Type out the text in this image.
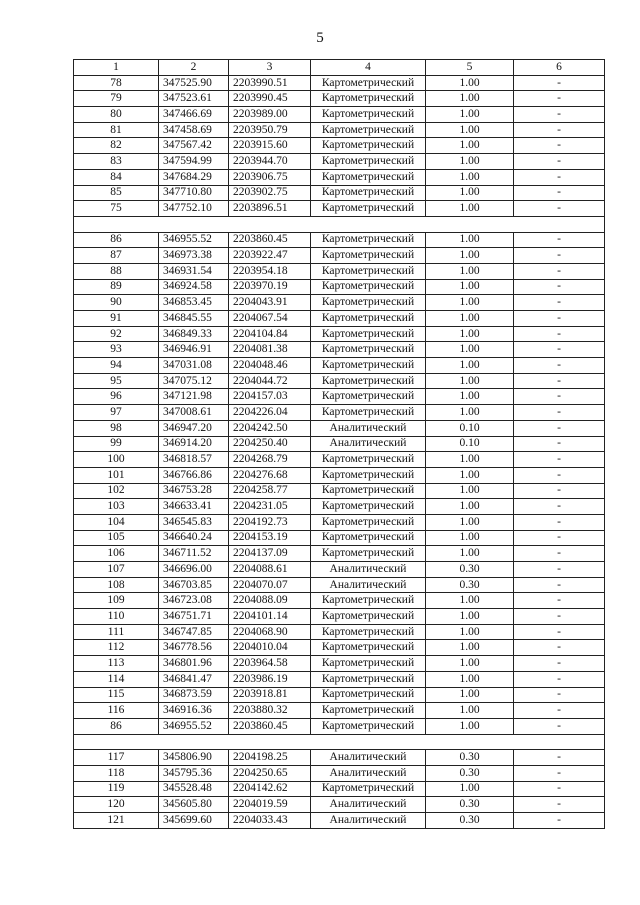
5
1	2	3	4	5	6
78	347525.90	2203990.51	Картометрический	1.00	-
79	347523.61	2203990.45	Картометрический	1.00	-
80	347466.69	2203989.00	Картометрический	1.00	-
81	347458.69	2203950.79	Картометрический	1.00	-
82	347567.42	2203915.60	Картометрический	1.00	-
83	347594.99	2203944.70	Картометрический	1.00	-
84	347684.29	2203906.75	Картометрический	1.00	-
85	347710.80	2203902.75	Картометрический	1.00	-
75	347752.10	2203896.51	Картометрический	1.00	-

86	346955.52	2203860.45	Картометрический	1.00	-
87	346973.38	2203922.47	Картометрический	1.00	-
88	346931.54	2203954.18	Картометрический	1.00	-
89	346924.58	2203970.19	Картометрический	1.00	-
90	346853.45	2204043.91	Картометрический	1.00	-
91	346845.55	2204067.54	Картометрический	1.00	-
92	346849.33	2204104.84	Картометрический	1.00	-
93	346946.91	2204081.38	Картометрический	1.00	-
94	347031.08	2204048.46	Картометрический	1.00	-
95	347075.12	2204044.72	Картометрический	1.00	-
96	347121.98	2204157.03	Картометрический	1.00	-
97	347008.61	2204226.04	Картометрический	1.00	-
98	346947.20	2204242.50	Аналитический	0.10	-
99	346914.20	2204250.40	Аналитический	0.10	-
100	346818.57	2204268.79	Картометрический	1.00	-
101	346766.86	2204276.68	Картометрический	1.00	-
102	346753.28	2204258.77	Картометрический	1.00	-
103	346633.41	2204231.05	Картометрический	1.00	-
104	346545.83	2204192.73	Картометрический	1.00	-
105	346640.24	2204153.19	Картометрический	1.00	-
106	346711.52	2204137.09	Картометрический	1.00	-
107	346696.00	2204088.61	Аналитический	0.30	-
108	346703.85	2204070.07	Аналитический	0.30	-
109	346723.08	2204088.09	Картометрический	1.00	-
110	346751.71	2204101.14	Картометрический	1.00	-
111	346747.85	2204068.90	Картометрический	1.00	-
112	346778.56	2204010.04	Картометрический	1.00	-
113	346801.96	2203964.58	Картометрический	1.00	-
114	346841.47	2203986.19	Картометрический	1.00	-
115	346873.59	2203918.81	Картометрический	1.00	-
116	346916.36	2203880.32	Картометрический	1.00	-
86	346955.52	2203860.45	Картометрический	1.00	-

117	345806.90	2204198.25	Аналитический	0.30	-
118	345795.36	2204250.65	Аналитический	0.30	-
119	345528.48	2204142.62	Картометрический	1.00	-
120	345605.80	2204019.59	Аналитический	0.30	-
121	345699.60	2204033.43	Аналитический	0.30	-
